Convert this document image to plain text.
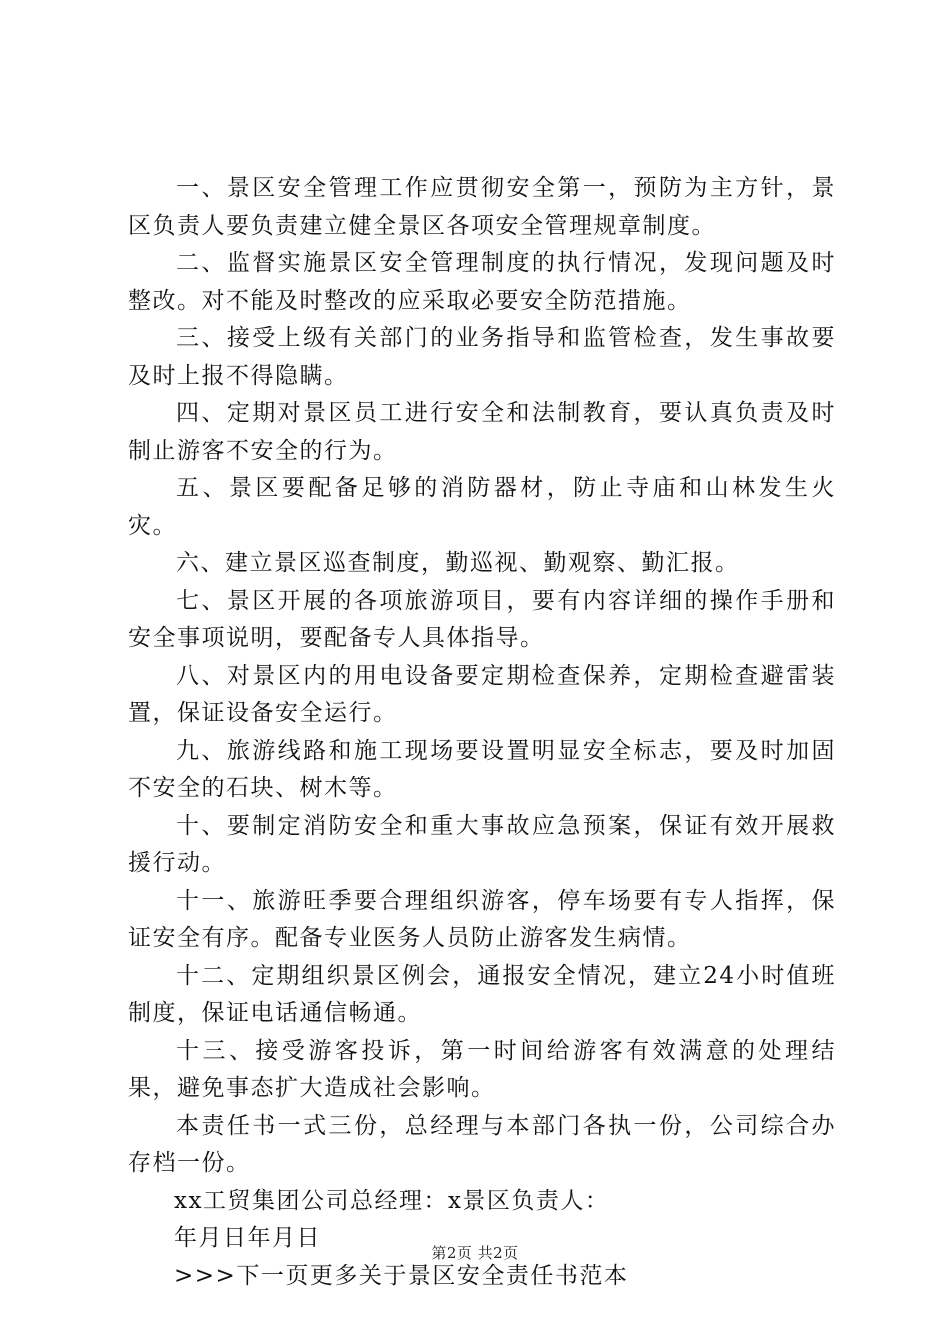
一、景区安全管理工作应贯彻安全第一，预防为主方针，景区负责人要负责建立健全景区各项安全管理规章制度。

二、监督实施景区安全管理制度的执行情况，发现问题及时整改。对不能及时整改的应采取必要安全防范措施。

三、接受上级有关部门的业务指导和监管检查，发生事故要及时上报不得隐瞒。

四、定期对景区员工进行安全和法制教育，要认真负责及时制止游客不安全的行为。

五、景区要配备足够的消防器材，防止寺庙和山林发生火灾。

六、建立景区巡查制度，勤巡视、勤观察、勤汇报。

七、景区开展的各项旅游项目，要有内容详细的操作手册和安全事项说明，要配备专人具体指导。

八、对景区内的用电设备要定期检查保养，定期检查避雷装置，保证设备安全运行。

九、旅游线路和施工现场要设置明显安全标志，要及时加固不安全的石块、树木等。

十、要制定消防安全和重大事故应急预案，保证有效开展救援行动。

十一、旅游旺季要合理组织游客，停车场要有专人指挥，保证安全有序。配备专业医务人员防止游客发生病情。

十二、定期组织景区例会，通报安全情况，建立24小时值班制度，保证电话通信畅通。

十三、接受游客投诉，第一时间给游客有效满意的处理结果，避免事态扩大造成社会影响。

本责任书一式三份，总经理与本部门各执一份，公司综合办存档一份。

xx工贸集团公司总经理：x景区负责人：

年月日年月日

>>>下一页更多关于景区安全责任书范本

第2页 共2页
